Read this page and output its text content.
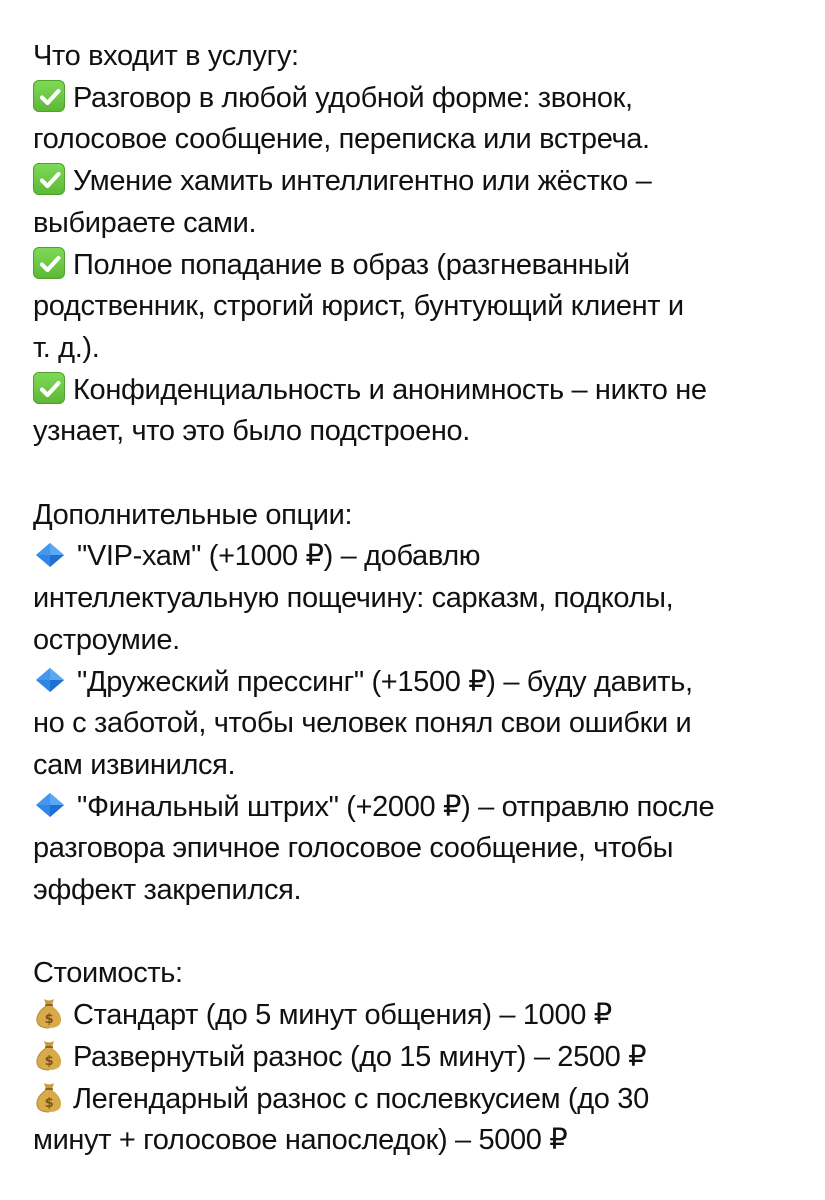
Что входит в услугу:
Разговор в любой удобной форме: звонок,
голосовое сообщение, переписка или встреча.
Умение хамить интеллигентно или жёстко –
выбираете сами.
Полное попадание в образ (разгневанный
родственник, строгий юрист, бунтующий клиент и
т. д.).
Конфиденциальность и анонимность – никто не
узнает, что это было подстроено.
Дополнительные опции:
"VIP-хам" (+1000 ₽) – добавлю
интеллектуальную пощечину: сарказм, подколы,
остроумие.
"Дружеский прессинг" (+1500 ₽) – буду давить,
но с заботой, чтобы человек понял свои ошибки и
сам извинился.
"Финальный штрих" (+2000 ₽) – отправлю после
разговора эпичное голосовое сообщение, чтобы
эффект закрепился.
Стоимость:
$ Стандарт (до 5 минут общения) – 1000 ₽
$ Развернутый разнос (до 15 минут) – 2500 ₽
$ Легендарный разнос с послевкусием (до 30
минут + голосовое напоследок) – 5000 ₽
